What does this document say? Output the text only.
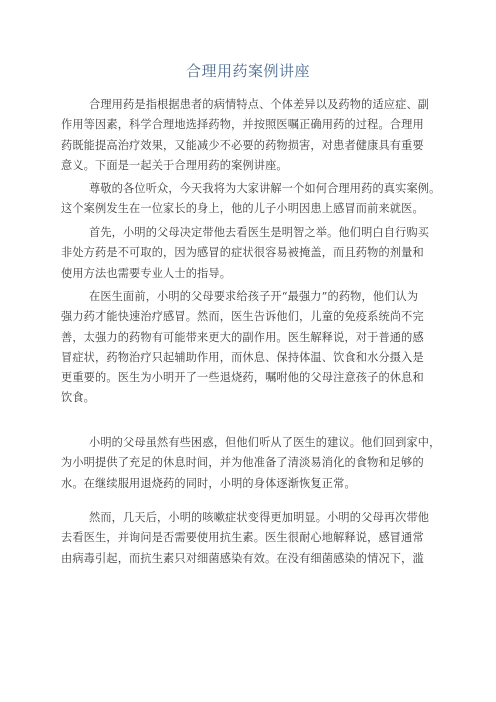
合理用药案例讲座
合理用药是指根据患者的病情特点、个体差异以及药物的适应症、副
作用等因素，科学合理地选择药物，并按照医嘱正确用药的过程。合理用
药既能提高治疗效果，又能减少不必要的药物损害，对患者健康具有重要
意义。下面是一起关于合理用药的案例讲座。
尊敬的各位听众，今天我将为大家讲解一个如何合理用药的真实案例。
这个案例发生在一位家长的身上，他的儿子小明因患上感冒而前来就医。
首先，小明的父母决定带他去看医生是明智之举。他们明白自行购买
非处方药是不可取的，因为感冒的症状很容易被掩盖，而且药物的剂量和
使用方法也需要专业人士的指导。
在医生面前，小明的父母要求给孩子开“最强力”的药物，他们认为
强力药才能快速治疗感冒。然而，医生告诉他们，儿童的免疫系统尚不完
善，太强力的药物有可能带来更大的副作用。医生解释说，对于普通的感
冒症状，药物治疗只起辅助作用，而休息、保持体温、饮食和水分摄入是
更重要的。医生为小明开了一些退烧药，嘱咐他的父母注意孩子的休息和
饮食。
小明的父母虽然有些困惑，但他们听从了医生的建议。他们回到家中，
为小明提供了充足的休息时间，并为他准备了清淡易消化的食物和足够的
水。在继续服用退烧药的同时，小明的身体逐渐恢复正常。
然而，几天后，小明的咳嗽症状变得更加明显。小明的父母再次带他
去看医生，并询问是否需要使用抗生素。医生很耐心地解释说，感冒通常
由病毒引起，而抗生素只对细菌感染有效。在没有细菌感染的情况下，滥
